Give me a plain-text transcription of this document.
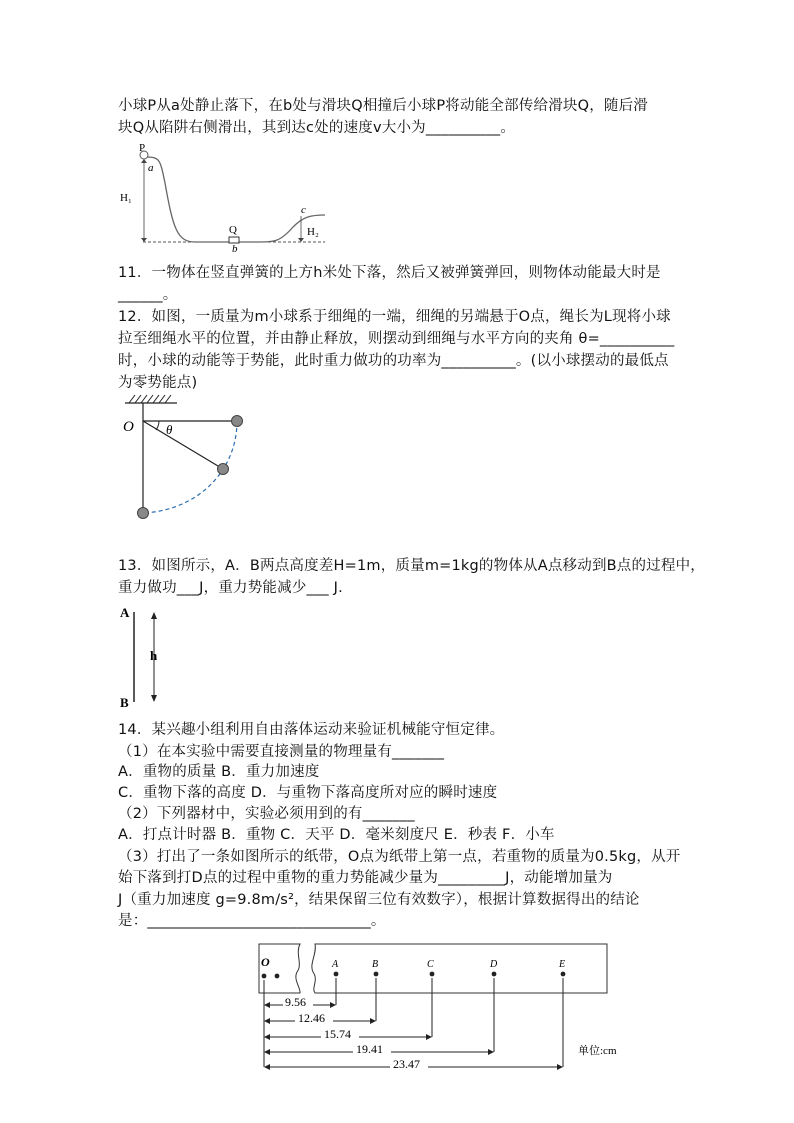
小球P从a处静止落下，在b处与滑块Q相撞后小球P将动能全部传给滑块Q，随后滑
块Q从陷阱右侧滑出，其到达c处的速度v大小为__________。
P
a
H₁
Q
b
c
H₂
11．一物体在竖直弹簧的上方h米处下落，然后又被弹簧弹回，则物体动能最大时是
______。
12．如图，一质量为m小球系于细绳的一端，细绳的另端悬于O点，绳长为L现将小球
拉至细绳水平的位置，并由静止释放，则摆动到细绳与水平方向的夹角 θ=__________
时，小球的动能等于势能，此时重力做功的功率为__________。(以小球摆动的最低点
为零势能点)
O θ
13．如图所示，A．B两点高度差H=1m，质量m=1kg的物体从A点移动到B点的过程中，
重力做功___J，重力势能减少___ J.
A
h
B
14．某兴趣小组利用自由落体运动来验证机械能守恒定律。
（1）在本实验中需要直接测量的物理量有_______
A．重物的质量 B．重力加速度
C．重物下落的高度 D．与重物下落高度所对应的瞬时速度
（2）下列器材中，实验必须用到的有_______
A．打点计时器 B．重物 C．天平 D．毫米刻度尺 E．秒表 F．小车
（3）打出了一条如图所示的纸带，O点为纸带上第一点，若重物的质量为0.5kg，从开
始下落到打D点的过程中重物的重力势能减少量为_________J，动能增加量为
J（重力加速度 g=9.8m/s²，结果保留三位有效数字），根据计算数据得出的结论
是：______________________________。
O	A	B	C	D	E
9.56
12.46
15.74
19.41
23.47
单位:cm
